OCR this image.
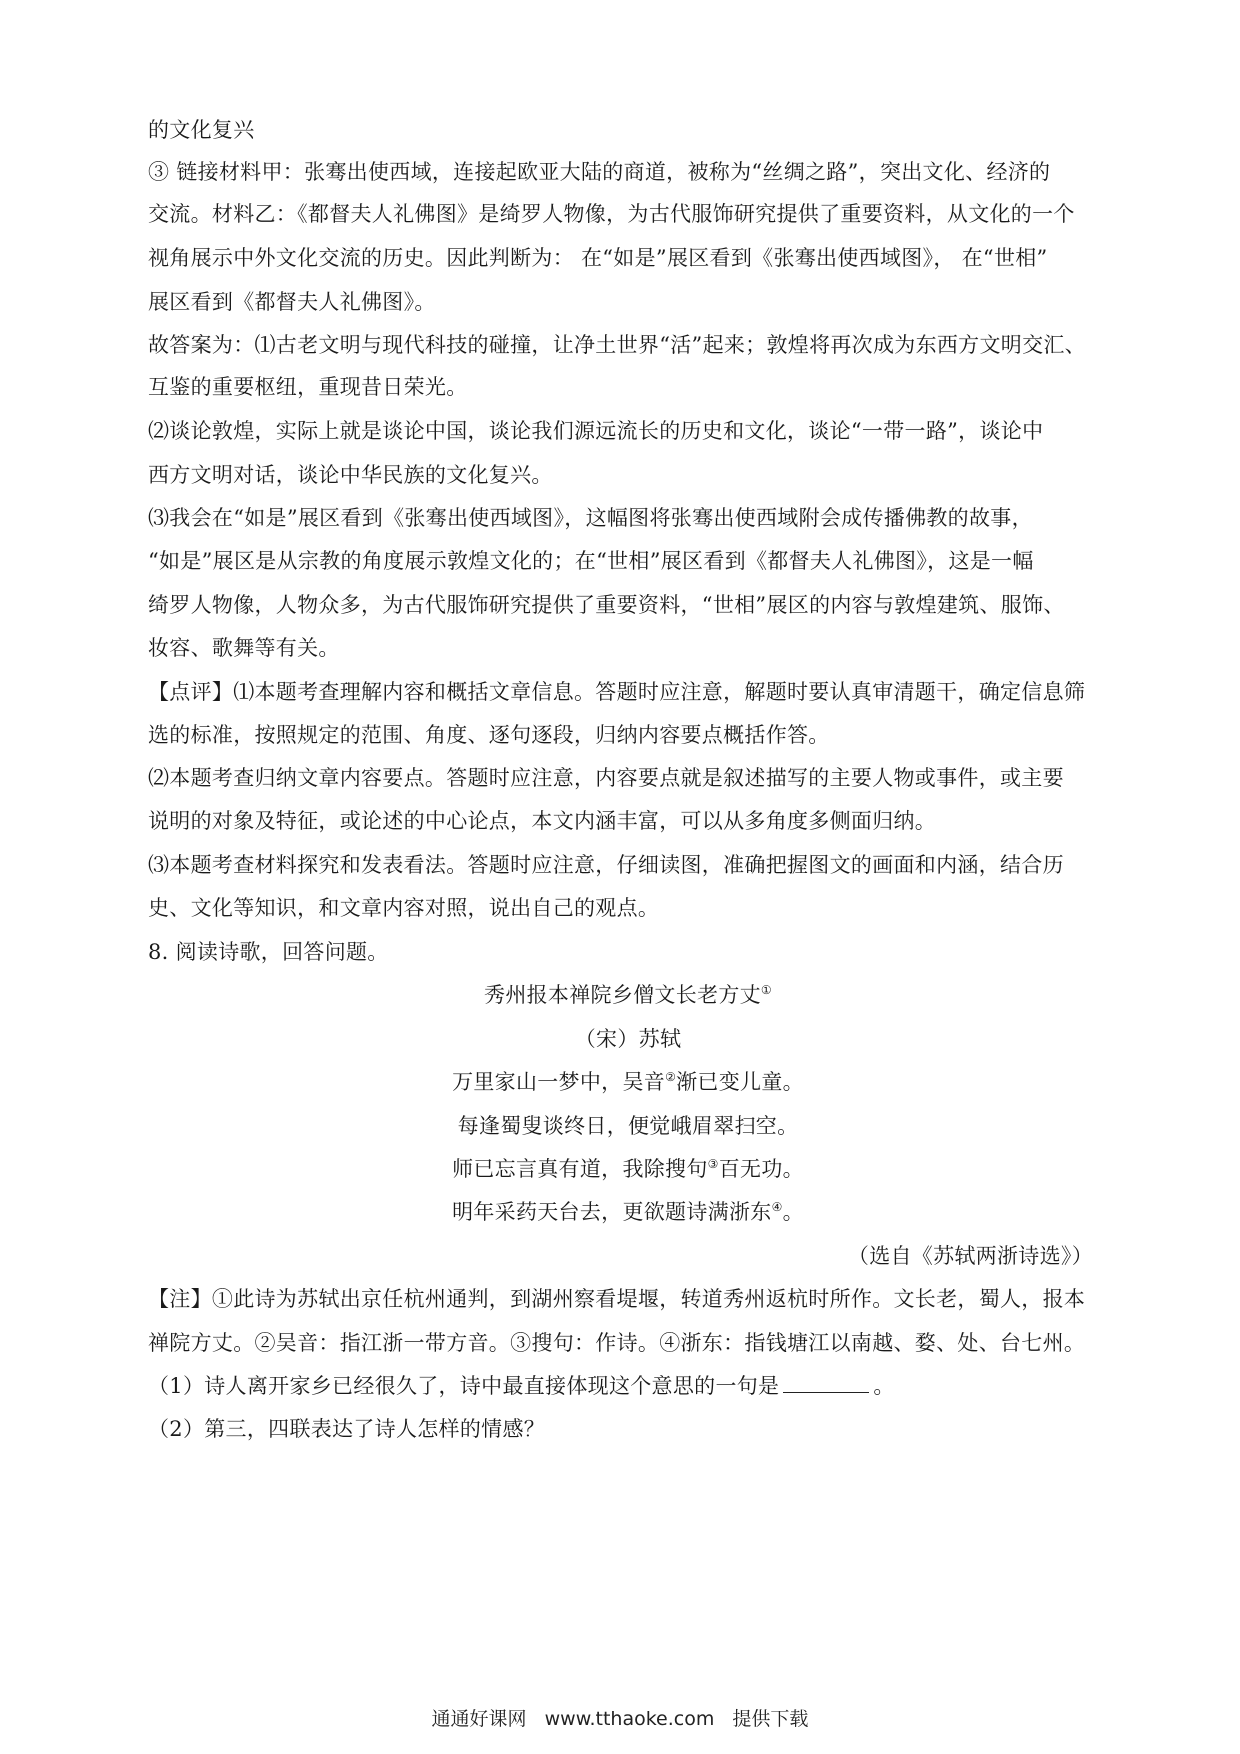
的文化复兴
③ 链接材料甲：张骞出使西域，连接起欧亚大陆的商道，被称为“丝绸之路”，突出文化、经济的
交流。材料乙：《都督夫人礼佛图》是绮罗人物像，为古代服饰研究提供了重要资料，从文化的一个
视角展示中外文化交流的历史。因此判断为： 在“如是”展区看到《张骞出使西域图》， 在“世相”
展区看到《都督夫人礼佛图》。
故答案为：⑴古老文明与现代科技的碰撞，让净土世界“活”起来；敦煌将再次成为东西方文明交汇、
互鉴的重要枢纽，重现昔日荣光。
⑵谈论敦煌，实际上就是谈论中国，谈论我们源远流长的历史和文化，谈论“一带一路”，谈论中
西方文明对话，谈论中华民族的文化复兴。
⑶我会在“如是”展区看到《张骞出使西域图》，这幅图将张骞出使西域附会成传播佛教的故事，
“如是”展区是从宗教的角度展示敦煌文化的；在“世相”展区看到《都督夫人礼佛图》，这是一幅
绮罗人物像，人物众多，为古代服饰研究提供了重要资料，“世相”展区的内容与敦煌建筑、服饰、
妆容、歌舞等有关。
【点评】⑴本题考查理解内容和概括文章信息。答题时应注意，解题时要认真审清题干，确定信息筛
选的标准，按照规定的范围、角度、逐句逐段，归纳内容要点概括作答。
⑵本题考查归纳文章内容要点。答题时应注意，内容要点就是叙述描写的主要人物或事件，或主要
说明的对象及特征，或论述的中心论点，本文内涵丰富，可以从多角度多侧面归纳。
⑶本题考查材料探究和发表看法。答题时应注意，仔细读图，准确把握图文的画面和内涵，结合历
史、文化等知识，和文章内容对照，说出自己的观点。
8. 阅读诗歌，回答问题。
秀州报本禅院乡僧文长老方丈①
（宋）苏轼
万里家山一梦中，吴音②渐已变儿童。
每逢蜀叟谈终日，便觉峨眉翠扫空。
师已忘言真有道，我除搜句③百无功。
明年采药天台去，更欲题诗满浙东④。
（选自《苏轼两浙诗选》）
【注】①此诗为苏轼出京任杭州通判，到湖州察看堤堰，转道秀州返杭时所作。文长老，蜀人，报本
禅院方丈。②吴音：指江浙一带方音。③搜句：作诗。④浙东：指钱塘江以南越、婺、处、台七州。
（1）诗人离开家乡已经很久了，诗中最直接体现这个意思的一句是	。
（2）第三，四联表达了诗人怎样的情感？
通通好课网 www.tthaoke.com 提供下载
